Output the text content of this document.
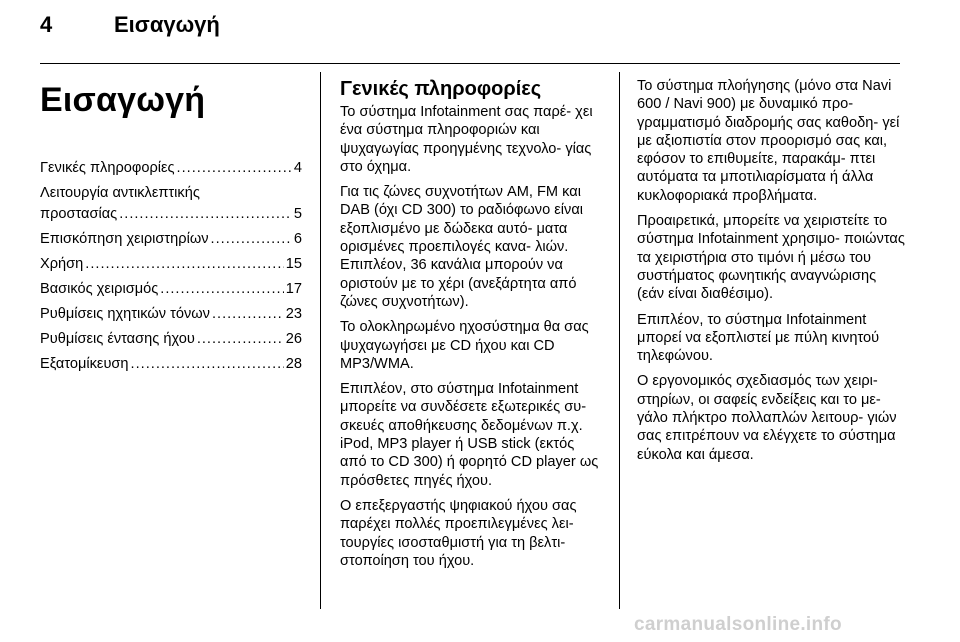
4	Εισαγωγή
Εισαγωγή
Γενικές πληροφορίες .....	4
Λειτουργία αντικλεπτικής
προστασίας .....	5
Επισκόπηση χειριστηρίων .....	6
Χρήση .....	15
Βασικός χειρισμός .....	17
Ρυθμίσεις ηχητικών τόνων .....	23
Ρυθμίσεις έντασης ήχου .....	26
Εξατομίκευση .....	28
Γενικές πληροφορίες

Το σύστημα Infotainment σας παρέ- χει ένα σύστημα πληροφοριών και ψυχαγωγίας προηγμένης τεχνολο- γίας στο όχημα.

Για τις ζώνες συχνοτήτων AM, FM και DAB (όχι CD 300) το ραδιόφωνο είναι εξοπλισμένο με δώδεκα αυτό- ματα ορισμένες προεπιλογές κανα- λιών. Επιπλέον, 36 κανάλια μπορούν να οριστούν με το χέρι (ανεξάρτητα από ζώνες συχνοτήτων).

Το ολοκληρωμένο ηχοσύστημα θα σας ψυχαγωγήσει με CD ήχου και CD MP3/WMA.

Επιπλέον, στο σύστημα Infotainment μπορείτε να συνδέσετε εξωτερικές συ- σκευές αποθήκευσης δεδομένων π.χ. iPod, MP3 player ή USB stick (εκτός από το CD 300) ή φορητό CD player ως πρόσθετες πηγές ήχου.

Ο επεξεργαστής ψηφιακού ήχου σας παρέχει πολλές προεπιλεγμένες λει- τουργίες ισοσταθμιστή για τη βελτι- στοποίηση του ήχου.

Το σύστημα πλοήγησης (μόνο στα Navi 600 / Navi 900) με δυναμικό προ- γραμματισμό διαδρομής σας καθοδη- γεί με αξιοπιστία στον προορισμό σας και, εφόσον το επιθυμείτε, παρακάμ- πτει αυτόματα τα μποτιλιαρίσματα ή άλλα κυκλοφοριακά προβλήματα.

Προαιρετικά, μπορείτε να χειριστείτε το σύστημα Infotainment χρησιμο- ποιώντας τα χειριστήρια στο τιμόνι ή μέσω του συστήματος φωνητικής αναγνώρισης (εάν είναι διαθέσιμο).

Επιπλέον, το σύστημα Infotainment μπορεί να εξοπλιστεί με πύλη κινητού τηλεφώνου.

Ο εργονομικός σχεδιασμός των χειρι- στηρίων, οι σαφείς ενδείξεις και το με- γάλο πλήκτρο πολλαπλών λειτουρ- γιών σας επιτρέπουν να ελέγχετε το σύστημα εύκολα και άμεσα.

carmanualsonline.info
